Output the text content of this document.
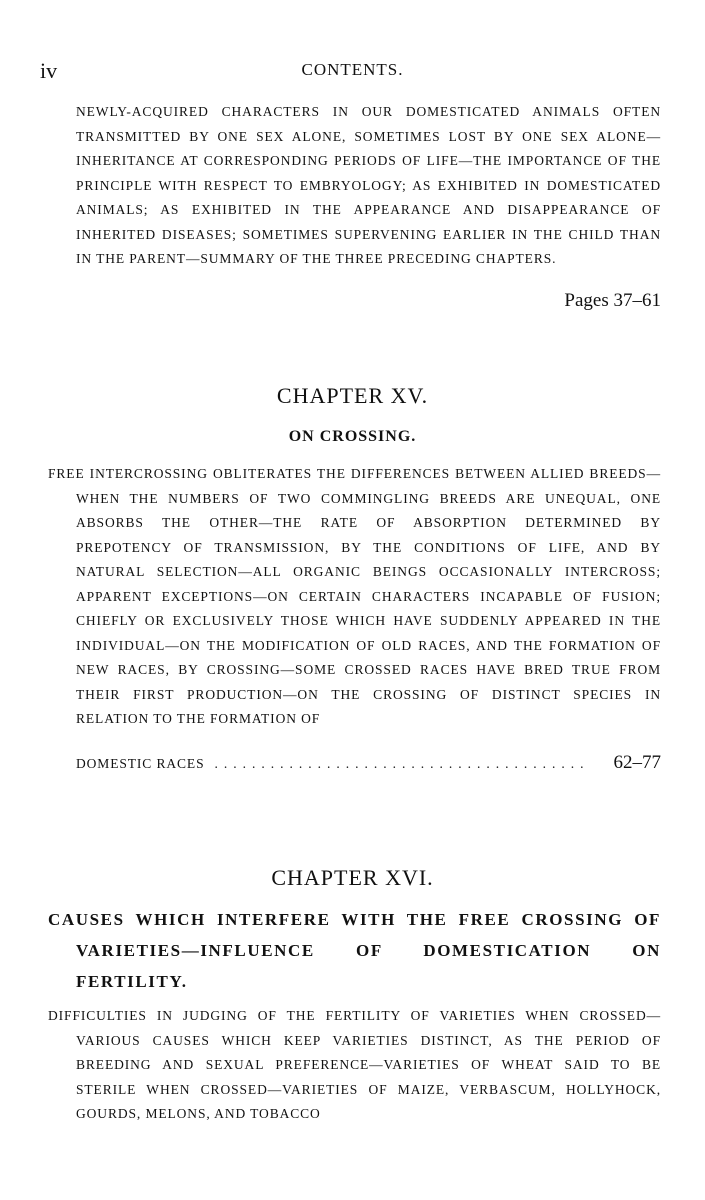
iv	CONTENTS.
NEWLY-ACQUIRED CHARACTERS IN OUR DOMESTICATED ANIMALS OFTEN TRANSMITTED BY ONE SEX ALONE, SOMETIMES LOST BY ONE SEX ALONE—INHERITANCE AT CORRESPONDING PERIODS OF LIFE—THE IMPORTANCE OF THE PRINCIPLE WITH RESPECT TO EMBRYOLOGY; AS EXHIBITED IN DOMESTICATED ANIMALS; AS EXHIBITED IN THE APPEARANCE AND DISAPPEARANCE OF INHERITED DISEASES; SOMETIMES SUPERVENING EARLIER IN THE CHILD THAN IN THE PARENT—SUMMARY OF THE THREE PRECEDING CHAPTERS.
Pages 37–61
CHAPTER XV.
ON CROSSING.
FREE INTERCROSSING OBLITERATES THE DIFFERENCES BETWEEN ALLIED BREEDS—WHEN THE NUMBERS OF TWO COMMINGLING BREEDS ARE UNEQUAL, ONE ABSORBS THE OTHER—THE RATE OF ABSORPTION DETERMINED BY PREPOTENCY OF TRANSMISSION, BY THE CONDITIONS OF LIFE, AND BY NATURAL SELECTION—ALL ORGANIC BEINGS OCCASIONALLY INTERCROSS; APPARENT EXCEPTIONS—ON CERTAIN CHARACTERS INCAPABLE OF FUSION; CHIEFLY OR EXCLUSIVELY THOSE WHICH HAVE SUDDENLY APPEARED IN THE INDIVIDUAL—ON THE MODIFICATION OF OLD RACES, AND THE FORMATION OF NEW RACES, BY CROSSING—SOME CROSSED RACES HAVE BRED TRUE FROM THEIR FIRST PRODUCTION—ON THE CROSSING OF DISTINCT SPECIES IN RELATION TO THE FORMATION OF
DOMESTIC RACES ........................................	62–77
CHAPTER XVI.
CAUSES WHICH INTERFERE WITH THE FREE CROSSING OF VARIETIES—INFLUENCE OF DOMESTICATION ON FERTILITY.
DIFFICULTIES IN JUDGING OF THE FERTILITY OF VARIETIES WHEN CROSSED—VARIOUS CAUSES WHICH KEEP VARIETIES DISTINCT, AS THE PERIOD OF BREEDING AND SEXUAL PREFERENCE—VARIETIES OF WHEAT SAID TO BE STERILE WHEN CROSSED—VARIETIES OF MAIZE, VERBASCUM, HOLLYHOCK, GOURDS, MELONS, AND TOBACCO
